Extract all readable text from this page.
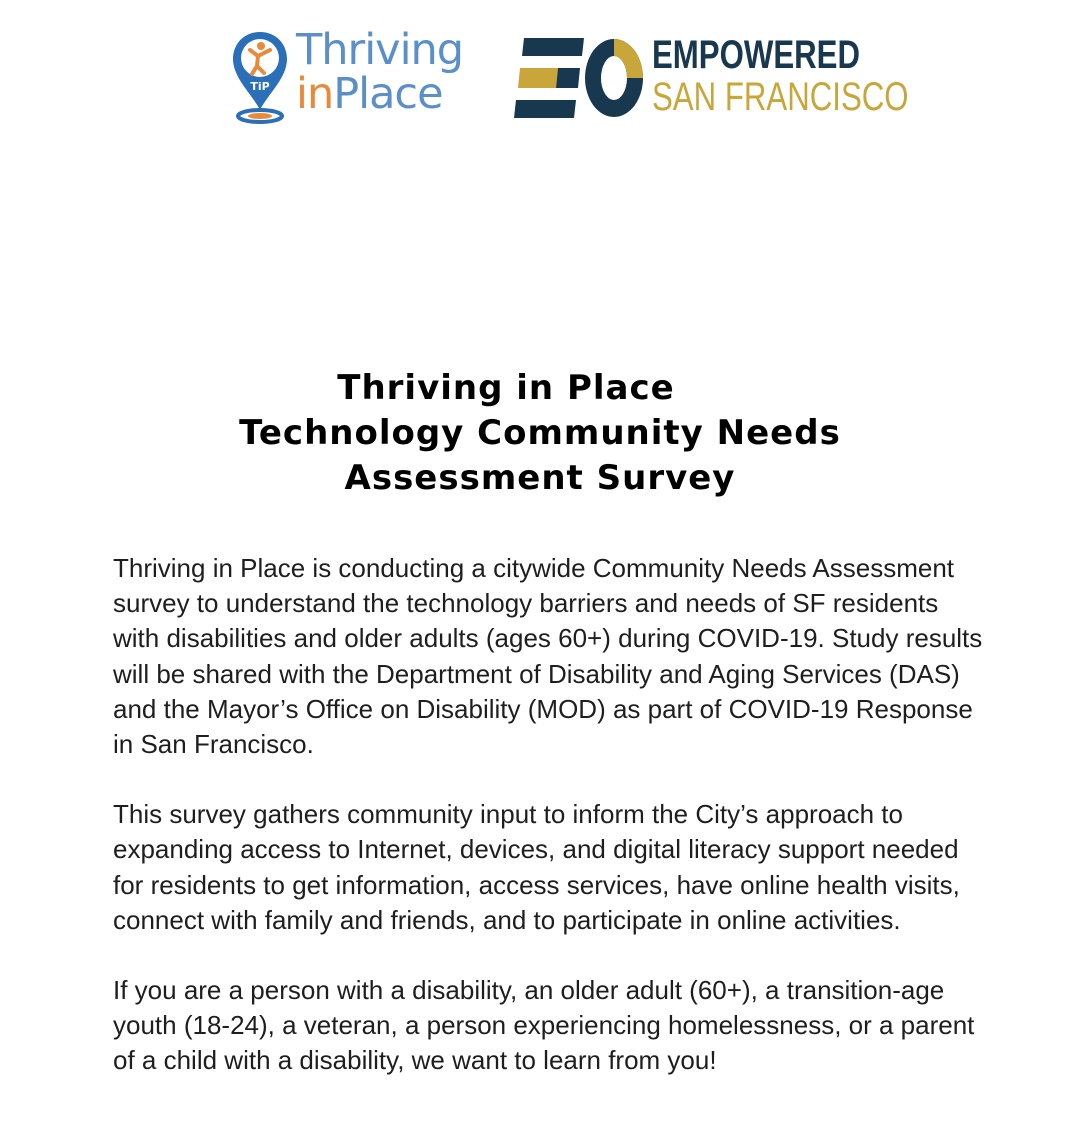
TiP
Thriving
inPlace
EMPOWERED
SAN FRANCISCO
Thriving in Place
Technology Community Needs
Assessment Survey

Thriving in Place is conducting a citywide Community Needs Assessment survey to understand the technology barriers and needs of SF residents with disabilities and older adults (ages 60+) during COVID-19. Study results will be shared with the Department of Disability and Aging Services (DAS) and the Mayor’s Office on Disability (MOD) as part of COVID-19 Response in San Francisco.

This survey gathers community input to inform the City’s approach to expanding access to Internet, devices, and digital literacy support needed for residents to get information, access services, have online health visits, connect with family and friends, and to participate in online activities.

If you are a person with a disability, an older adult (60+), a transition-age youth (18-24), a veteran, a person experiencing homelessness, or a parent of a child with a disability, we want to learn from you!
